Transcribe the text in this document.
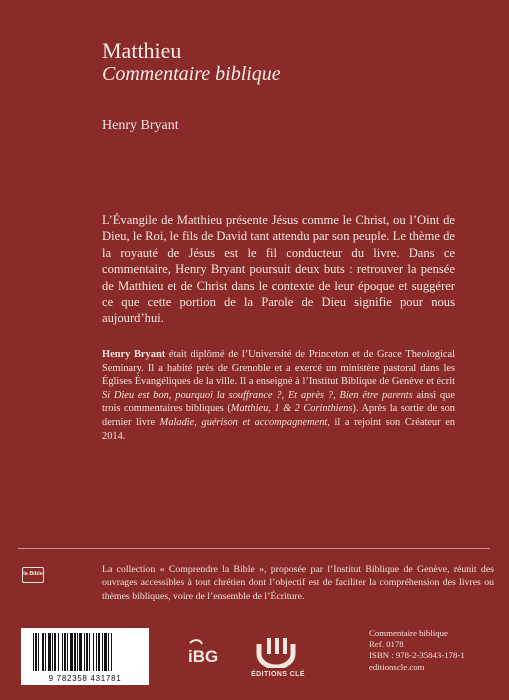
Matthieu
Commentaire biblique
Henry Bryant

L’Évangile de Matthieu présente Jésus comme le Christ, ou l’Oint de Dieu, le Roi, le fils de David tant attendu par son peuple. Le thème de la royauté de Jésus est le fil conducteur du livre. Dans ce commentaire, Henry Bryant poursuit deux buts : retrouver la pensée de Matthieu et de Christ dans le contexte de leur époque et suggérer ce que cette portion de la Parole de Dieu signifie pour nous aujourd’hui.

Henry Bryant était diplômé de l’Université de Princeton et de Grace Theological Seminary. Il a habité près de Grenoble et a exercé un ministère pastoral dans les Églises Évangéliques de la ville. Il a enseigné à l’Institut Biblique de Genève et écrit Si Dieu est bon, pourquoi la souffrance ?, Et après ?, Bien être parents ainsi que trois commentaires bibliques (Matthieu, 1 & 2 Corinthiens). Après la sortie de son dernier livre Maladie, guérison et accompagnement, il a rejoint son Créateur en 2014.

la Bible	La collection « Comprendre la Bible », proposée par l’Institut Biblique de Genève, réunit des ouvrages accessibles à tout chrétien dont l’objectif est de faciliter la compréhension des livres ou thèmes bibliques, voire de l’ensemble de l’Écriture.

9 782358 431781
iBG
ÉDITIONS CLÉ
Commentaire biblique
Ref. 0178
ISBN : 978-2-35843-178-1
editionscle.com
